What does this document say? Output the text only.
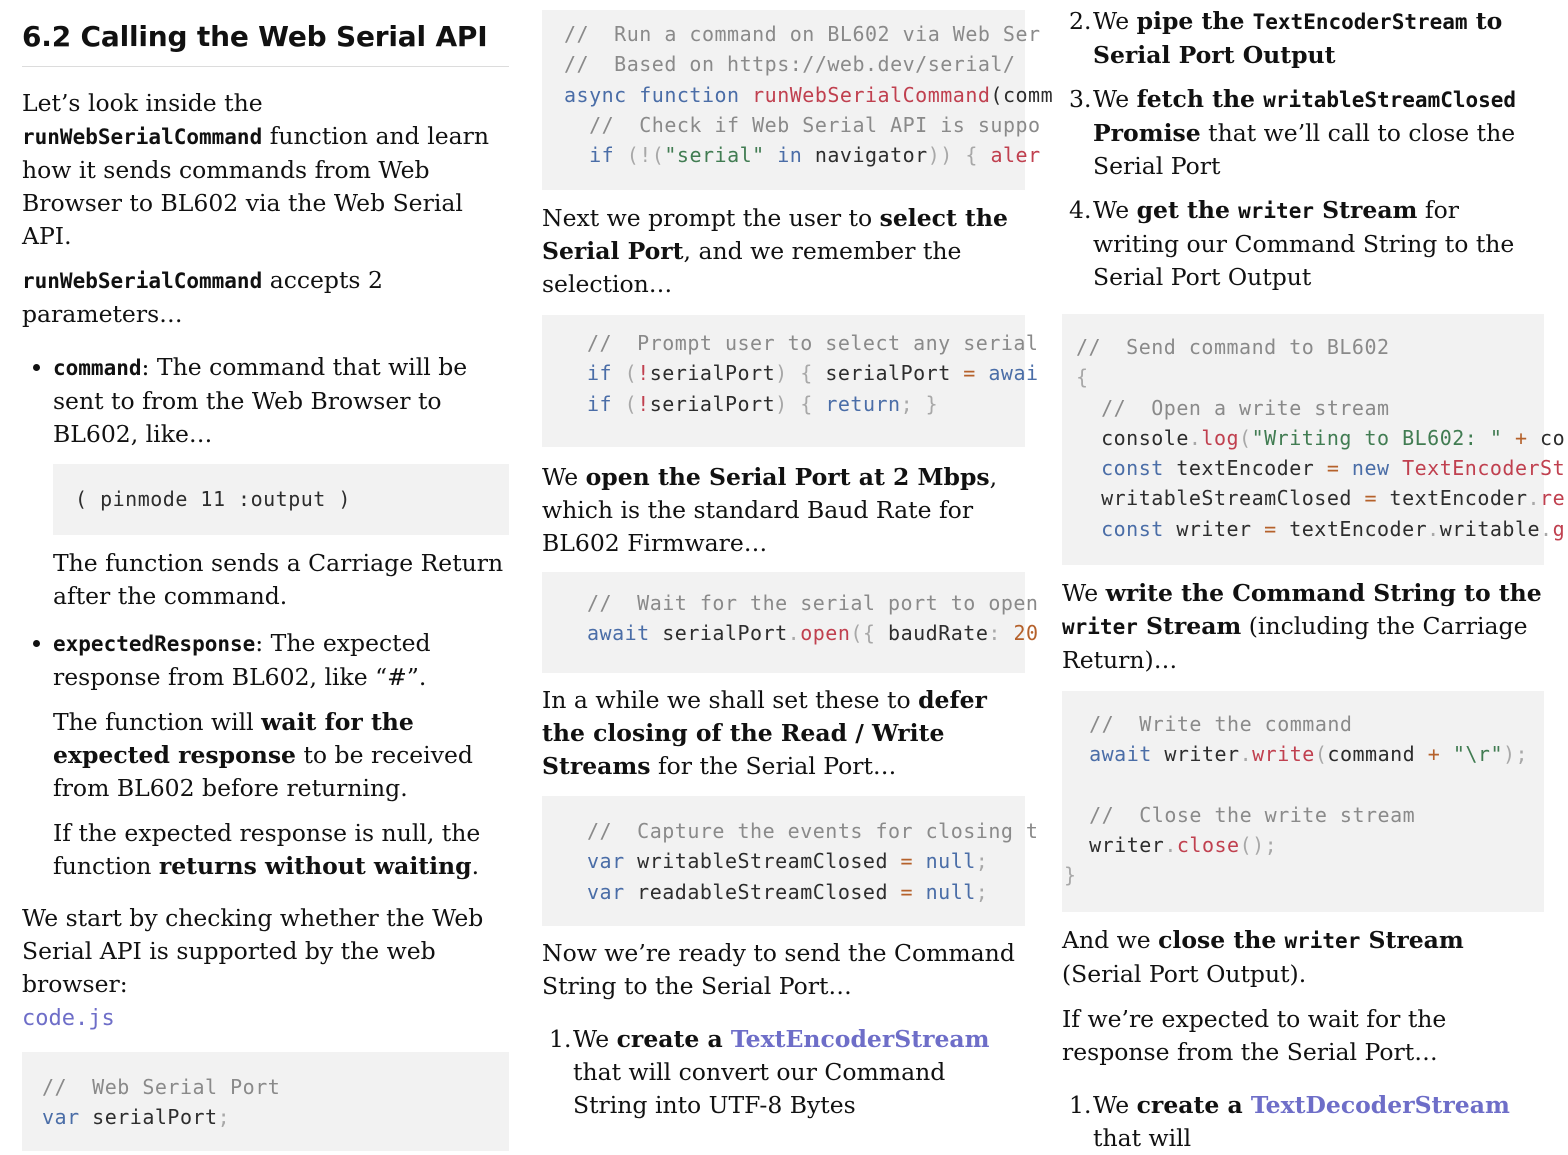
6.2 Calling the Web Serial API

Let’s look inside the runWebSerialCommand function and learn how it sends commands from Web Browser to BL602 via the Web Serial API.

runWebSerialCommand accepts 2 parameters…

command: The command that will be sent to from the Web Browser to BL602, like…

( pinmode 11 :output )

The function sends a Carriage Return after the command.

expectedResponse: The expected response from BL602, like “#”.

The function will wait for the expected response to be received from BL602 before returning.

If the expected response is null, the function returns without waiting.

We start by checking whether the Web Serial API is supported by the web browser:
code.js

//  Web Serial Port
var serialPort;
//  Run a command on BL602 via Web Ser
//  Based on https://web.dev/serial/
async function runWebSerialCommand(comm
//  Check if Web Serial API is suppo
if (!("serial" in navigator)) { aler

Next we prompt the user to select the Serial Port, and we remember the selection…

//  Prompt user to select any serial
if (!serialPort) { serialPort = awai
if (!serialPort) { return; }

We open the Serial Port at 2 Mbps, which is the standard Baud Rate for BL602 Firmware…

//  Wait for the serial port to open
await serialPort.open({ baudRate: 20

In a while we shall set these to defer the closing of the Read / Write Streams for the Serial Port…

//  Capture the events for closing t
var writableStreamClosed = null;
var readableStreamClosed = null;

Now we’re ready to send the Command String to the Serial Port…

1. We create a TextEncoderStream that will convert our Command String into UTF-8 Bytes
2. We pipe the TextEncoderStream to Serial Port Output
3. We fetch the writableStreamClosed Promise that we’ll call to close the Serial Port
4. We get the writer Stream for writing our Command String to the Serial Port Output
//  Send command to BL602
{
//  Open a write stream
console.log("Writing to BL602: " + co
const textEncoder = new TextEncoderSt
writableStreamClosed = textEncoder.re
const writer = textEncoder.writable.g

We write the Command String to the writer Stream (including the Carriage Return)…

//  Write the command
await writer.write(command + "\r");

//  Close the write stream
writer.close();
}

And we close the writer Stream (Serial Port Output).

If we’re expected to wait for the response from the Serial Port…

1. We create a TextDecoderStream that will
